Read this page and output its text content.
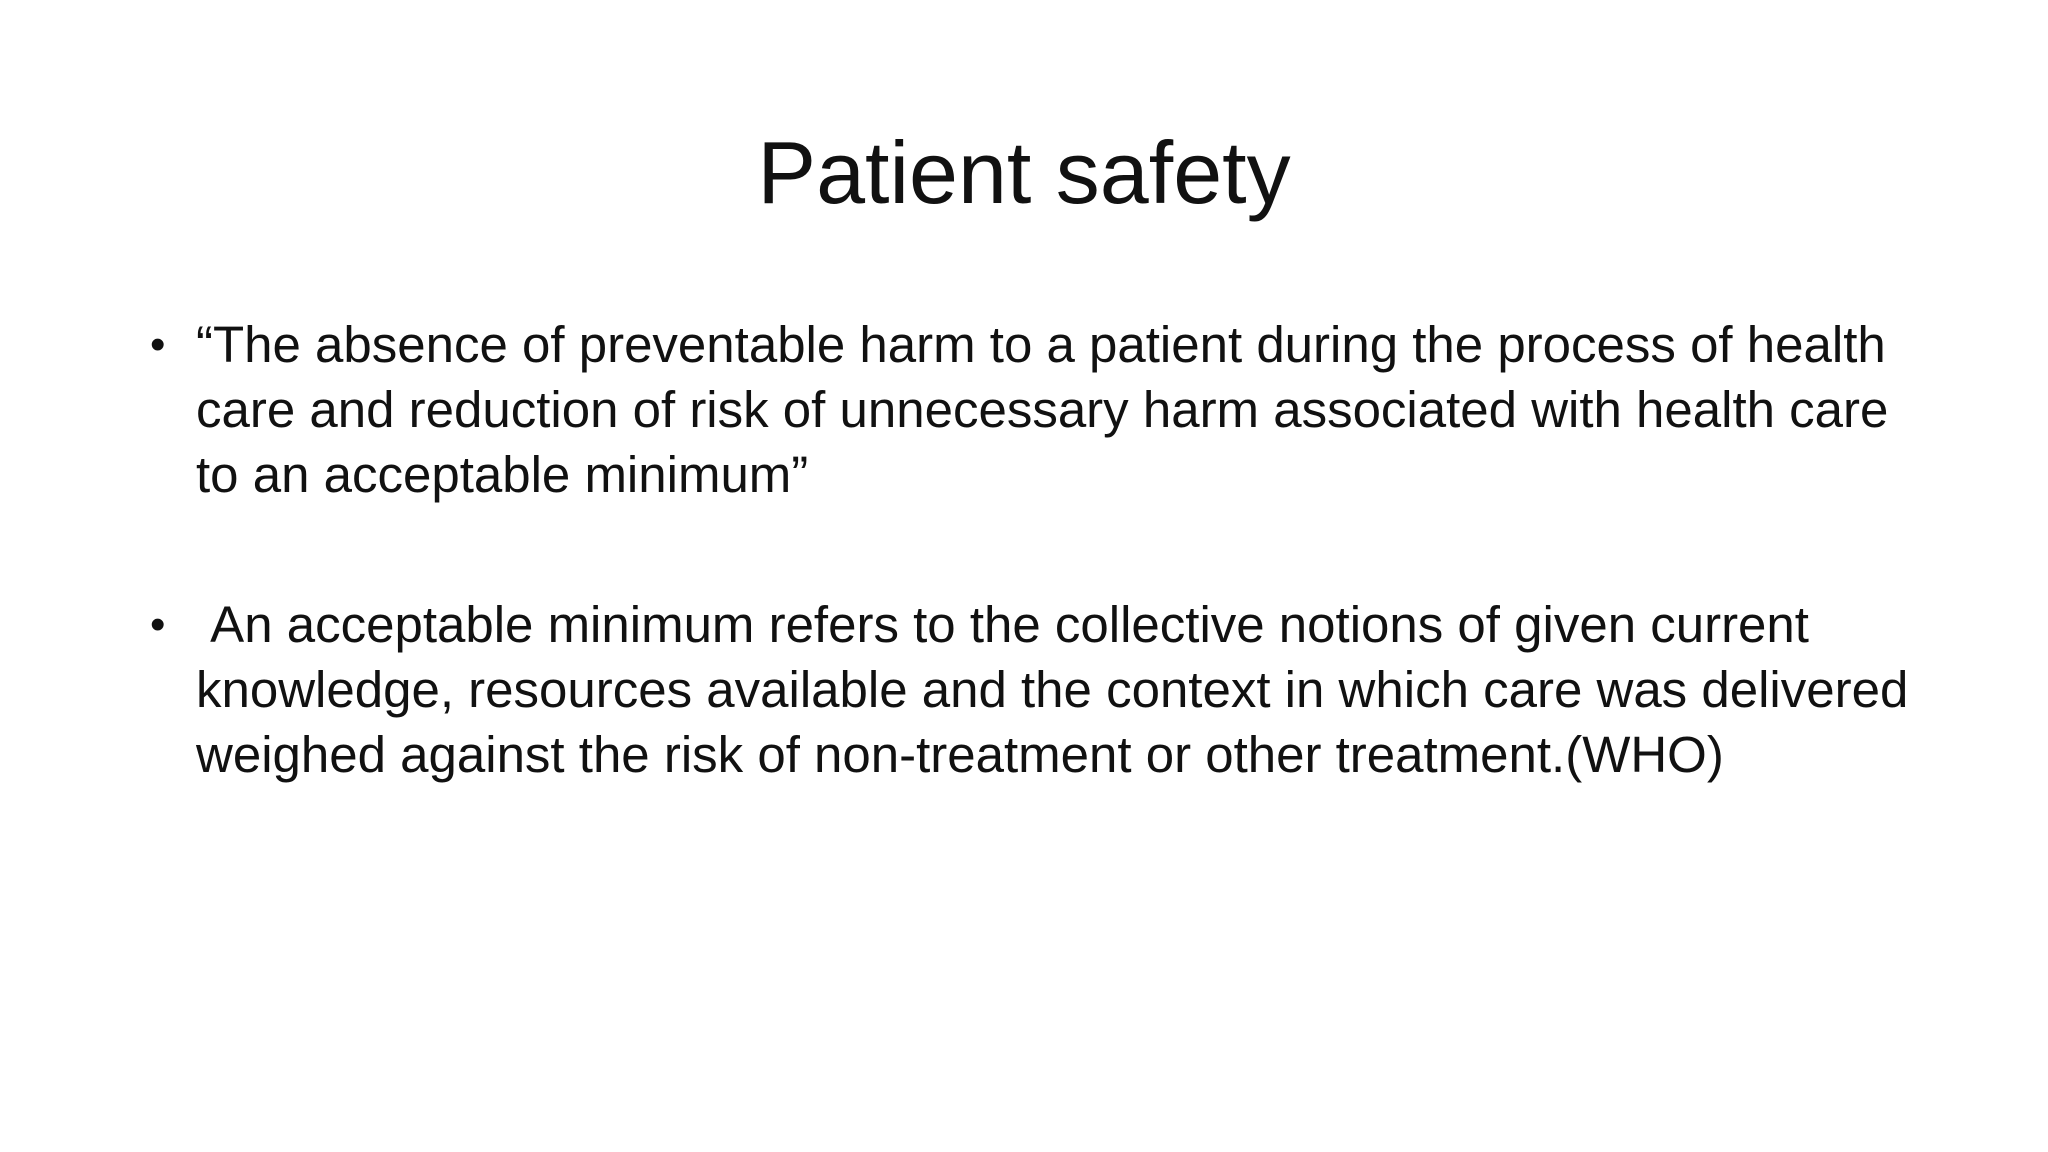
Patient safety
• “The absence of preventable harm to a patient during the process of health care and reduction of risk of unnecessary harm associated with health care to an acceptable minimum”
• An acceptable minimum refers to the collective notions of given current knowledge, resources available and the context in which care was delivered weighed against the risk of non-treatment or other treatment.(WHO)
